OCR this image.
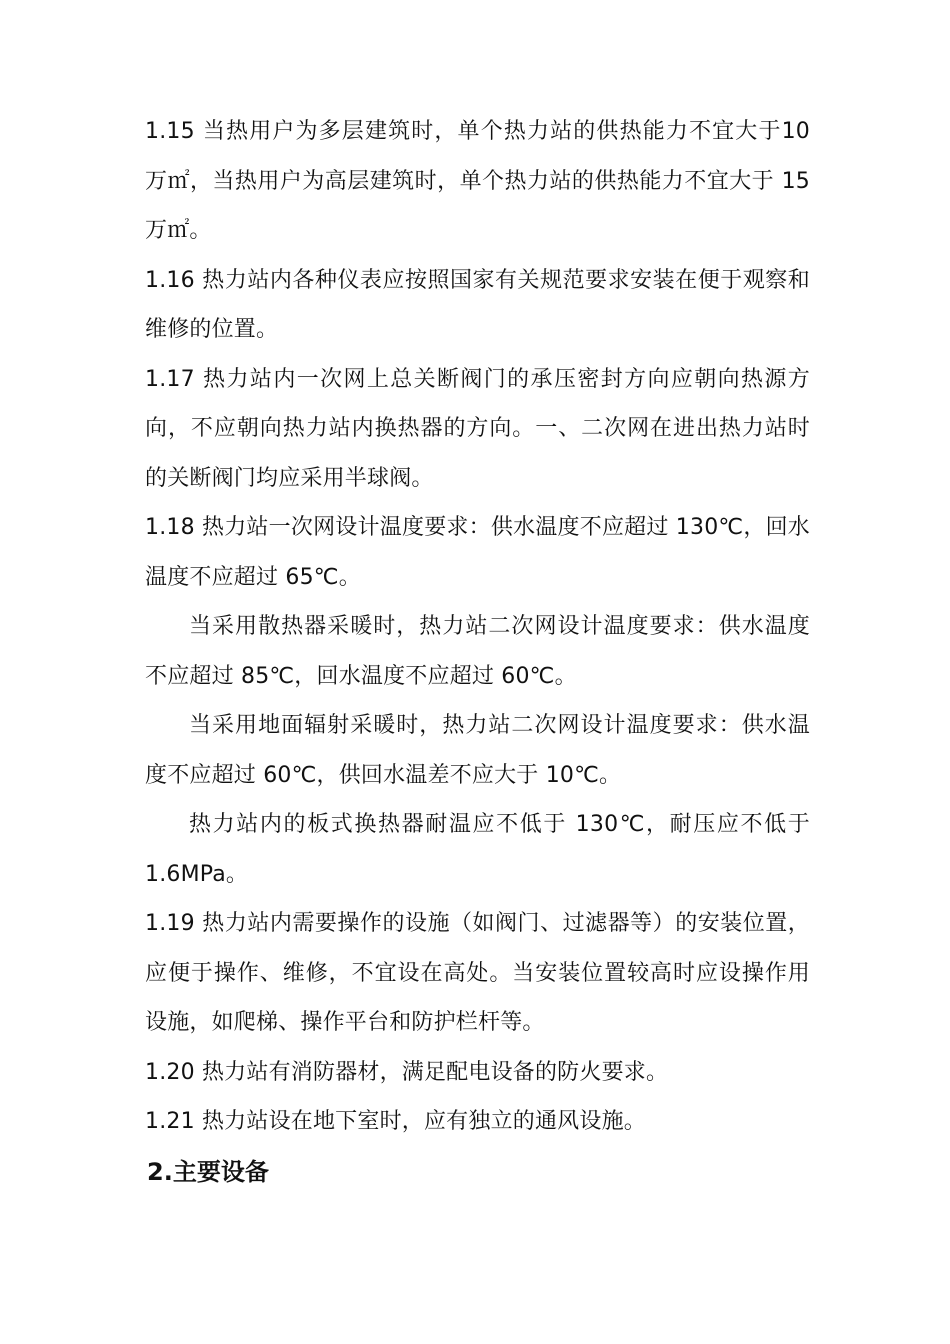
1.15 当热用户为多层建筑时，单个热力站的供热能力不宜大于10 万㎡，当热用户为高层建筑时，单个热力站的供热能力不宜大于 15 万㎡。

1.16 热力站内各种仪表应按照国家有关规范要求安装在便于观察和维修的位置。

1.17 热力站内一次网上总关断阀门的承压密封方向应朝向热源方向，不应朝向热力站内换热器的方向。一、二次网在进出热力站时的关断阀门均应采用半球阀。

1.18 热力站一次网设计温度要求：供水温度不应超过 130℃，回水温度不应超过 65℃。

当采用散热器采暖时，热力站二次网设计温度要求：供水温度不应超过 85℃，回水温度不应超过 60℃。

当采用地面辐射采暖时，热力站二次网设计温度要求：供水温度不应超过 60℃，供回水温差不应大于 10℃。

热力站内的板式换热器耐温应不低于 130℃，耐压应不低于1.6MPa。

1.19 热力站内需要操作的设施（如阀门、过滤器等）的安装位置，应便于操作、维修，不宜设在高处。当安装位置较高时应设操作用设施，如爬梯、操作平台和防护栏杆等。

1.20 热力站有消防器材，满足配电设备的防火要求。

1.21 热力站设在地下室时，应有独立的通风设施。

2.主要设备
